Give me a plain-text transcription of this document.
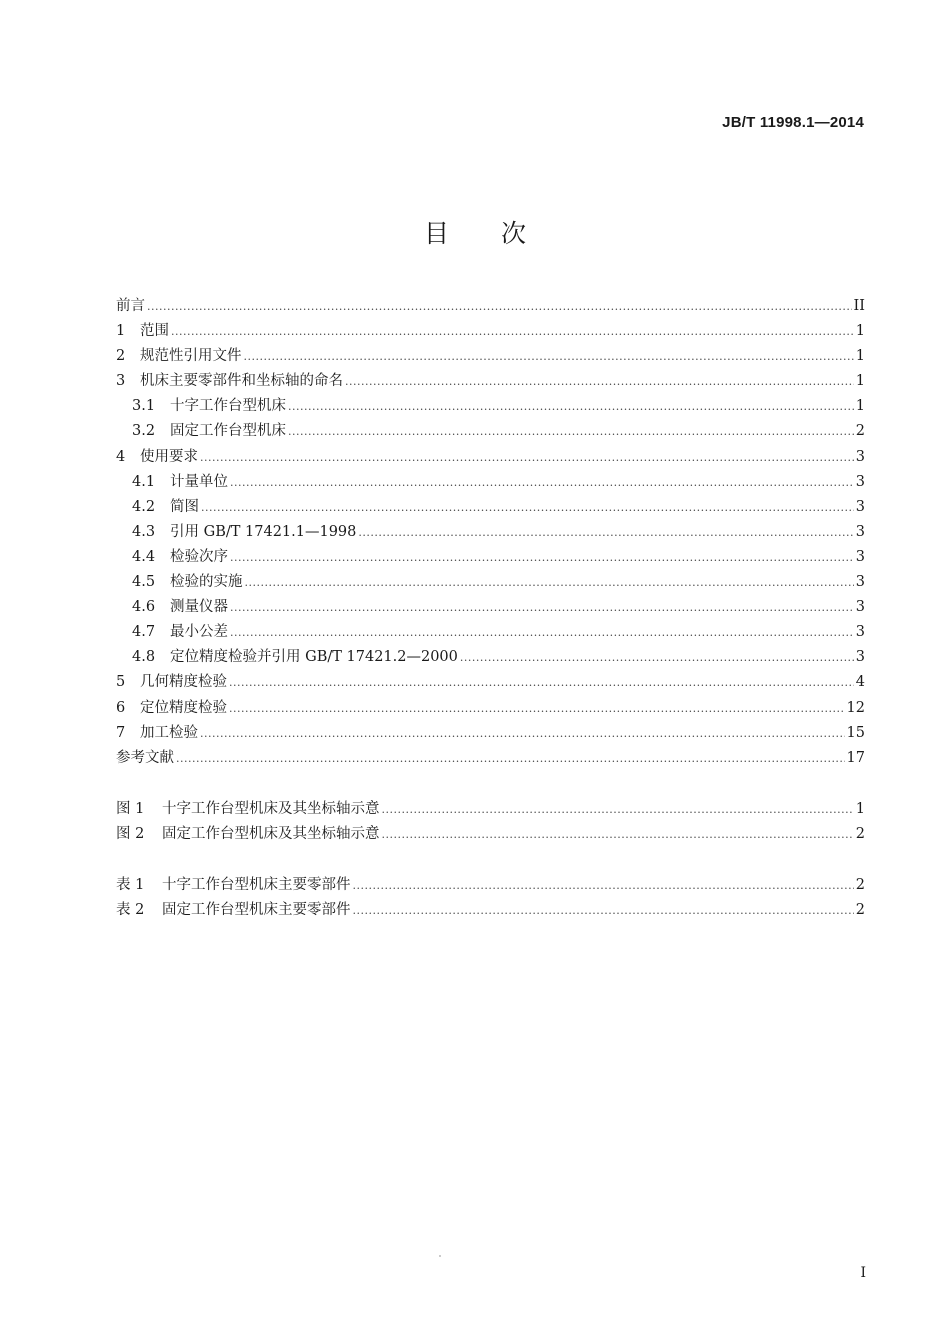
JB/T 11998.1—2014
目次
前言 .....	II
1	范围 .....	1
2	规范性引用文件 .....	1
3	机床主要零部件和坐标轴的命名 .....	1
3.1	十字工作台型机床 .....	1
3.2	固定工作台型机床 .....	2
4	使用要求 .....	3
4.1	计量单位 .....	3
4.2	简图 .....	3
4.3	引用 GB/T 17421.1—1998 .....	3
4.4	检验次序 .....	3
4.5	检验的实施 .....	3
4.6	测量仪器 .....	3
4.7	最小公差 .....	3
4.8	定位精度检验并引用 GB/T 17421.2—2000 .....	3
5	几何精度检验 .....	4
6	定位精度检验 .....	12
7	加工检验 .....	15
参考文献 .....	17
图 1	十字工作台型机床及其坐标轴示意 .....	1
图 2	固定工作台型机床及其坐标轴示意 .....	2
表 1	十字工作台型机床主要零部件 .....	2
表 2	固定工作台型机床主要零部件 .....	2
I
